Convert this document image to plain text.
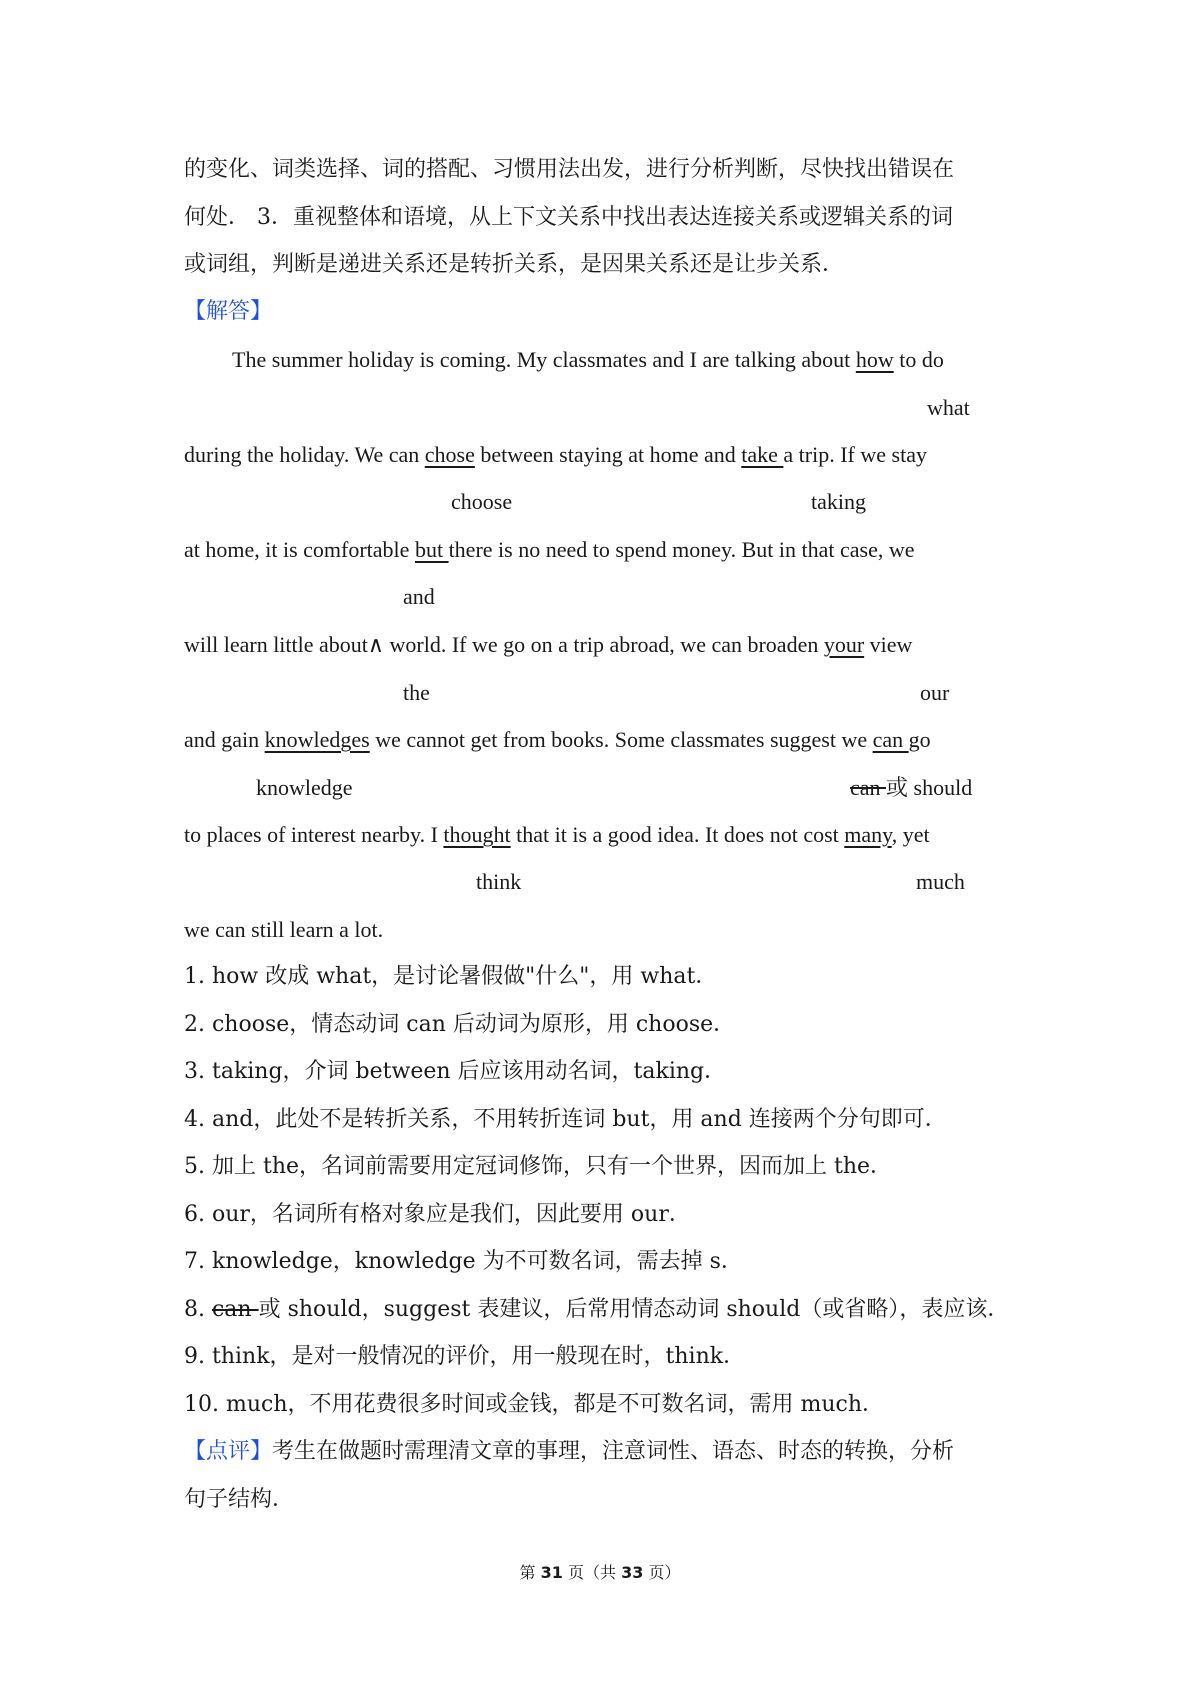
的变化、词类选择、词的搭配、习惯用法出发，进行分析判断，尽快找出错误在
何处． 3．重视整体和语境，从上下文关系中找出表达连接关系或逻辑关系的词
或词组，判断是递进关系还是转折关系，是因果关系还是让步关系．
【解答】
The summer holiday is coming. My classmates and I are talking about how to do
what
during the holiday. We can chose between staying at home and take a trip. If we stay
choose	taking
at home, it is comfortable but there is no need to spend money. But in that case, we
and
will learn little about∧ world. If we go on a trip abroad, we can broaden your view
the	our
and gain knowledges we cannot get from books. Some classmates suggest we can go
knowledge	can 或 should
to places of interest nearby. I thought that it is a good idea. It does not cost many, yet
think	much
we can still learn a lot.
1. how 改成 what，是讨论暑假做"什么"，用 what．
2. choose，情态动词 can 后动词为原形，用 choose．
3. taking，介词 between 后应该用动名词，taking．
4. and，此处不是转折关系，不用转折连词 but，用 and 连接两个分句即可．
5. 加上 the，名词前需要用定冠词修饰，只有一个世界，因而加上 the．
6. our，名词所有格对象应是我们，因此要用 our．
7. knowledge，knowledge 为不可数名词，需去掉 s．
8. can 或 should，suggest 表建议，后常用情态动词 should（或省略），表应该．
9. think，是对一般情况的评价，用一般现在时，think．
10. much，不用花费很多时间或金钱，都是不可数名词，需用 much．
【点评】考生在做题时需理清文章的事理，注意词性、语态、时态的转换，分析
句子结构．
第 31 页（共 33 页）
